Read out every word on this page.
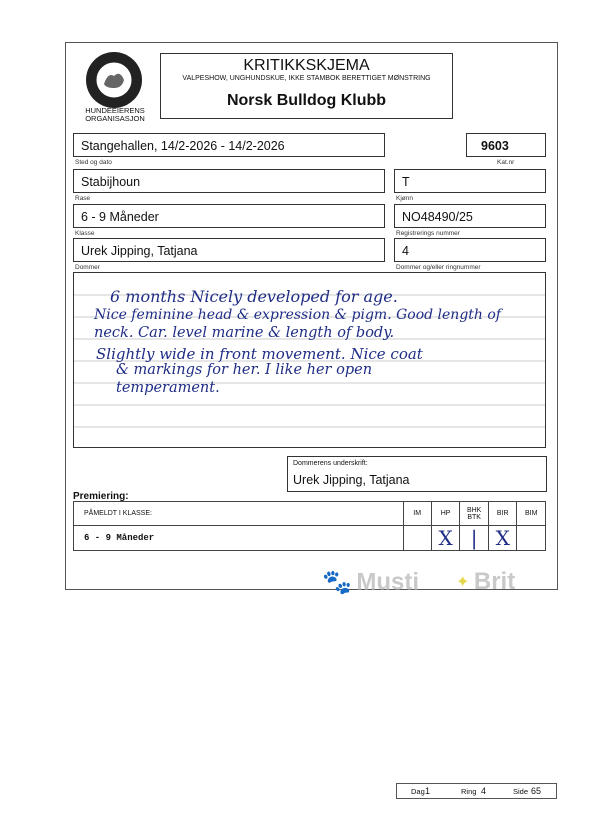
HUNDEEIERENS
ORGANISASJON
KRITIKKSKJEMA
VALPESHOW, UNGHUNDSKUE, IKKE STAMBOK BERETTIGET MØNSTRING
Norsk Bulldog Klubb
Stangehallen, 14/2-2026 - 14/2-2026
Sted og dato
9603
Kat.nr
Stabijhoun
Rase
T
Kjønn
6 - 9 Måneder
Klasse
NO48490/25
Registrerings nummer
Urek Jipping, Tatjana
Dommer
4
Dommer og/eller ringnummer
6 months Nicely developed for age.
Nice feminine head & expression & pigm. Good length of
neck. Car. level marine & length of body.
Slightly wide in front movement. Nice coat
& markings for her. I like her open
temperament.
Dommerens underskrift:
Urek Jipping, Tatjana
Premiering:
PÅMELDT I KLASSE:	IM	HP	BHK BTK	BIR	BIM
6 - 9 Måneder		X	|	X	
🐾 Musti ✦ Brit
Dag 1	Ring 4	Side 65
